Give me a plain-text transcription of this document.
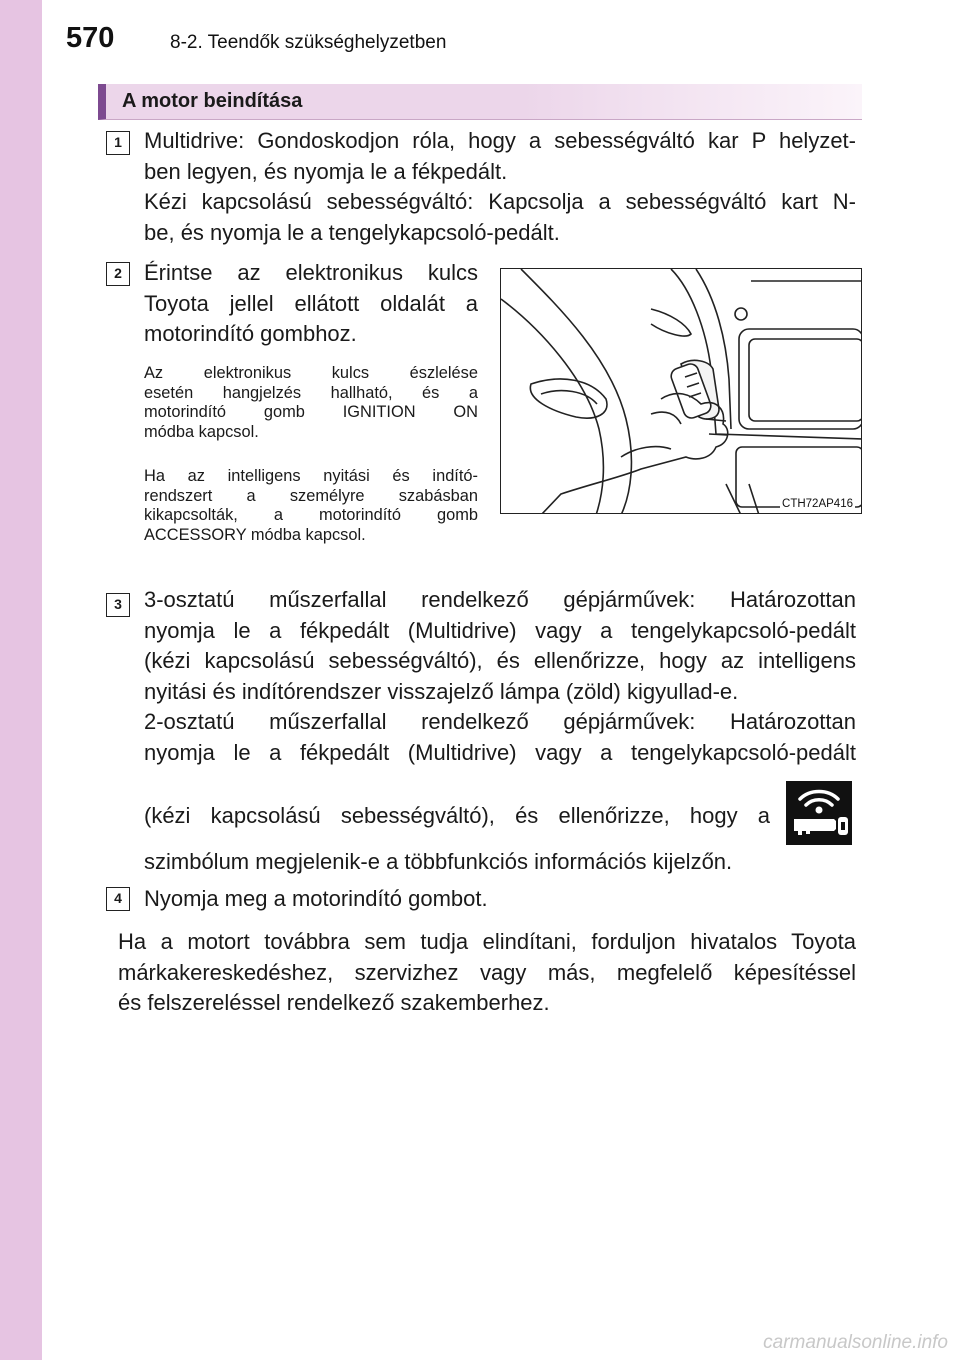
570	8-2. Teendők szükséghelyzetben
A motor beindítása
1	Multidrive: Gondoskodjon róla, hogy a sebességváltó kar P helyzet-
ben legyen, és nyomja le a fékpedált.
Kézi kapcsolású sebességváltó: Kapcsolja a sebességváltó kart N-
be, és nyomja le a tengelykapcsoló-pedált.
2	Érintse az elektronikus kulcs
Toyota jellel ellátott oldalát a
motorindító gombhoz.
Az elektronikus kulcs észlelése
esetén hangjelzés hallható, és a
motorindító gomb IGNITION ON
módba kapcsol.
Ha az intelligens nyitási és indító-
rendszert a személyre szabásban
kikapcsolták, a motorindító gomb
ACCESSORY módba kapcsol.
CTH72AP416
3	3-osztatú műszerfallal rendelkező gépjárművek: Határozottan
nyomja le a fékpedált (Multidrive) vagy a tengelykapcsoló-pedált
(kézi kapcsolású sebességváltó), és ellenőrizze, hogy az intelligens
nyitási és indítórendszer visszajelző lámpa (zöld) kigyullad-e.
2-osztatú műszerfallal rendelkező gépjárművek: Határozottan
nyomja le a fékpedált (Multidrive) vagy a tengelykapcsoló-pedált
(kézi kapcsolású sebességváltó), és ellenőrizze, hogy a
szimbólum megjelenik-e a többfunkciós információs kijelzőn.
4	Nyomja meg a motorindító gombot.
Ha a motort továbbra sem tudja elindítani, forduljon hivatalos Toyota
márkakereskedéshez, szervizhez vagy más, megfelelő képesítéssel
és felszereléssel rendelkező szakemberhez.
carmanualsonline.info
